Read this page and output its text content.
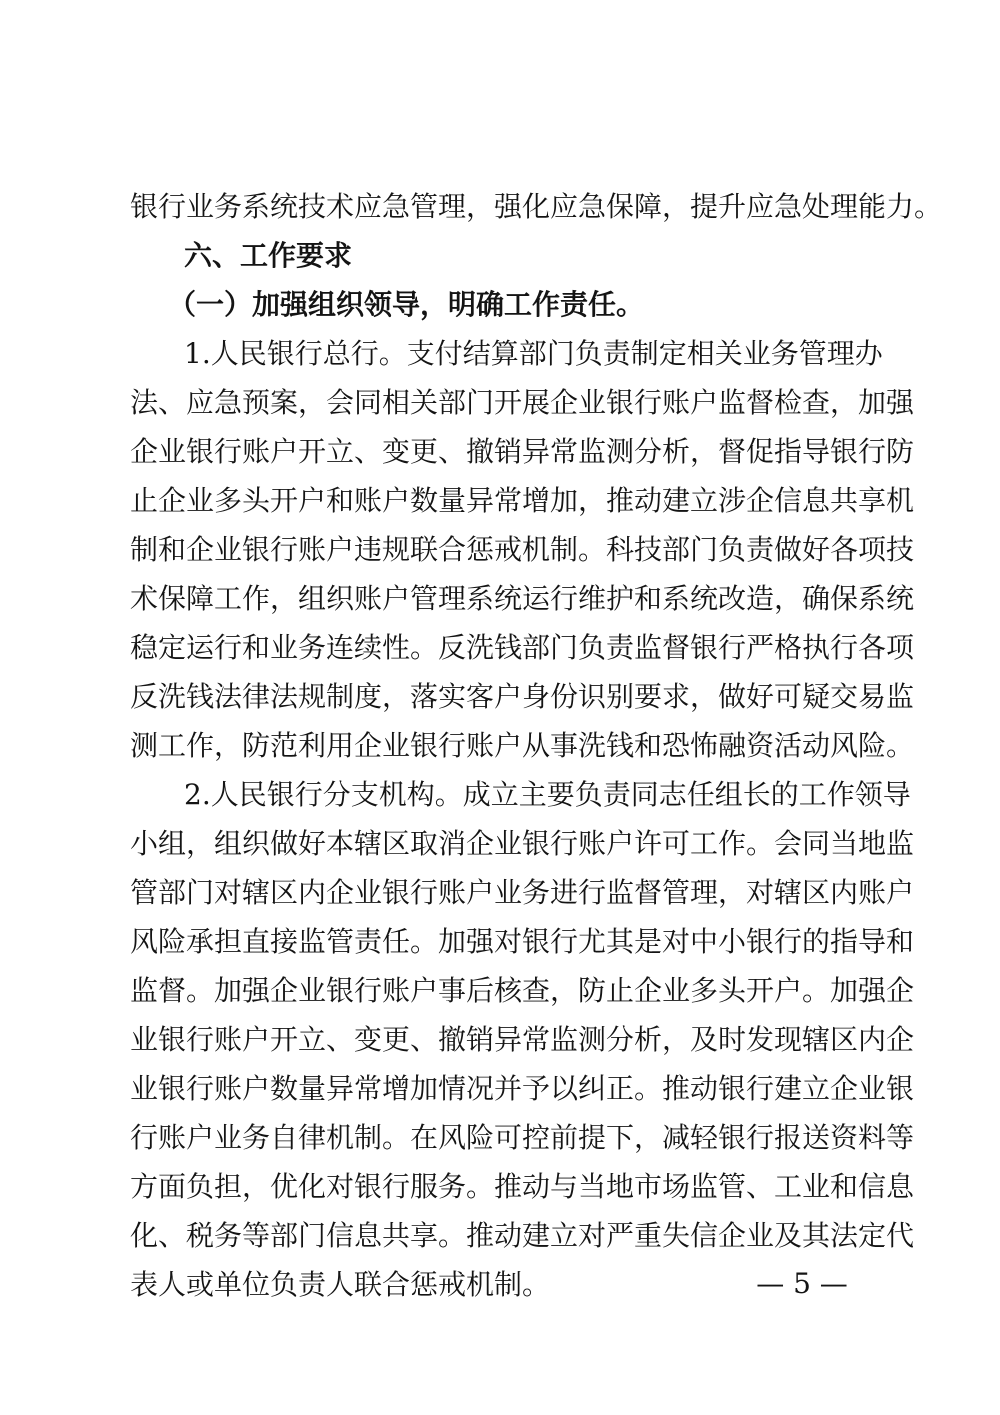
银行业务系统技术应急管理，强化应急保障，提升应急处理能力。
六、工作要求
（一）加强组织领导，明确工作责任。
1.人民银行总行。支付结算部门负责制定相关业务管理办
法、应急预案，会同相关部门开展企业银行账户监督检查，加强
企业银行账户开立、变更、撤销异常监测分析，督促指导银行防
止企业多头开户和账户数量异常增加，推动建立涉企信息共享机
制和企业银行账户违规联合惩戒机制。科技部门负责做好各项技
术保障工作，组织账户管理系统运行维护和系统改造，确保系统
稳定运行和业务连续性。反洗钱部门负责监督银行严格执行各项
反洗钱法律法规制度，落实客户身份识别要求，做好可疑交易监
测工作，防范利用企业银行账户从事洗钱和恐怖融资活动风险。
2.人民银行分支机构。成立主要负责同志任组长的工作领导
小组，组织做好本辖区取消企业银行账户许可工作。会同当地监
管部门对辖区内企业银行账户业务进行监督管理，对辖区内账户
风险承担直接监管责任。加强对银行尤其是对中小银行的指导和
监督。加强企业银行账户事后核查，防止企业多头开户。加强企
业银行账户开立、变更、撤销异常监测分析，及时发现辖区内企
业银行账户数量异常增加情况并予以纠正。推动银行建立企业银
行账户业务自律机制。在风险可控前提下，减轻银行报送资料等
方面负担，优化对银行服务。推动与当地市场监管、工业和信息
化、税务等部门信息共享。推动建立对严重失信企业及其法定代
表人或单位负责人联合惩戒机制。	— 5 —
